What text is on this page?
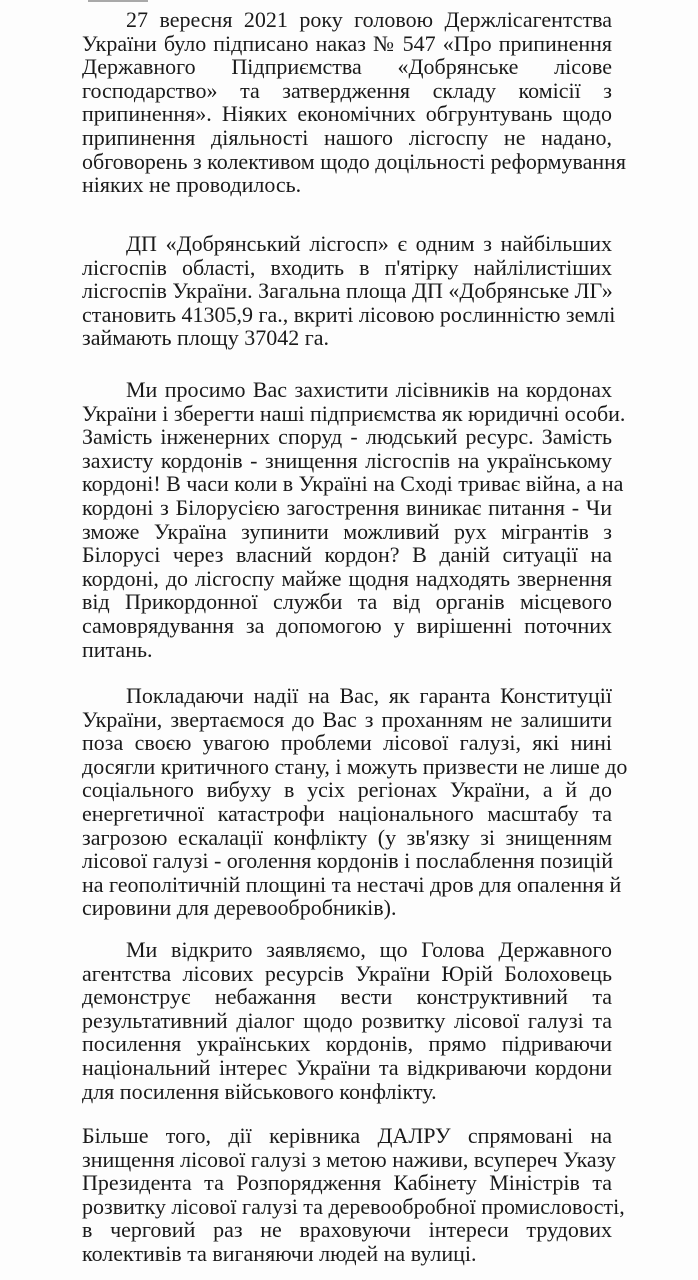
27 вересня 2021 року головою Держлісагентства
України було підписано наказ № 547 «Про припинення
Державного Підприємства «Добрянське лісове
господарство» та затвердження складу комісії з
припинення». Ніяких економічних обгрунтувань щодо
припинення діяльності нашого лісгоспу не надано,
обговорень з колективом щодо доцільності реформування
ніяких не проводилось.
ДП «Добрянський лісгосп» є одним з найбільших
лісгоспів області, входить в п'ятірку найлілистіших
лісгоспів України. Загальна площа ДП «Добрянське ЛГ»
становить 41305,9 га., вкриті лісовою рослинністю землі
займають площу 37042 га.
Ми просимо Вас захистити лісівників на кордонах
України і зберегти наші підприємства як юридичні особи.
Замість інженерних споруд - людський ресурс. Замість
захисту кордонів - знищення лісгоспів на українському
кордоні! В часи коли в Україні на Сході триває війна, а на
кордоні з Білорусією загострення виникає питання - Чи
зможе Україна зупинити можливий рух мігрантів з
Білорусі через власний кордон? В даній ситуації на
кордоні, до лісгоспу майже щодня надходять звернення
від Прикордонної служби та від органів місцевого
самоврядування за допомогою у вирішенні поточних
питань.
Покладаючи надії на Вас, як гаранта Конституції
України, звертаємося до Вас з проханням не залишити
поза своєю увагою проблеми лісової галузі, які нині
досягли критичного стану, і можуть призвести не лише до
соціального вибуху в усіх регіонах України, а й до
енергетичної катастрофи національного масштабу та
загрозою ескалації конфлікту (у зв'язку зі знищенням
лісової галузі - оголення кордонів і послаблення позицій
на геополітичній площині та нестачі дров для опалення й
сировини для деревообробників).
Ми відкрито заявляємо, що Голова Державного
агентства лісових ресурсів України Юрій Болоховець
демонструє небажання вести конструктивний та
результативний діалог щодо розвитку лісової галузі та
посилення українських кордонів, прямо підриваючи
національний інтерес України та відкриваючи кордони
для посилення військового конфлікту.
Більше того, дії керівника ДАЛРУ спрямовані на
знищення лісової галузі з метою наживи, всупереч Указу
Президента та Розпорядження Кабінету Міністрів та
розвитку лісової галузі та деревообробної промисловості,
в черговий раз не враховуючи інтереси трудових
колективів та виганяючи людей на вулиці.
